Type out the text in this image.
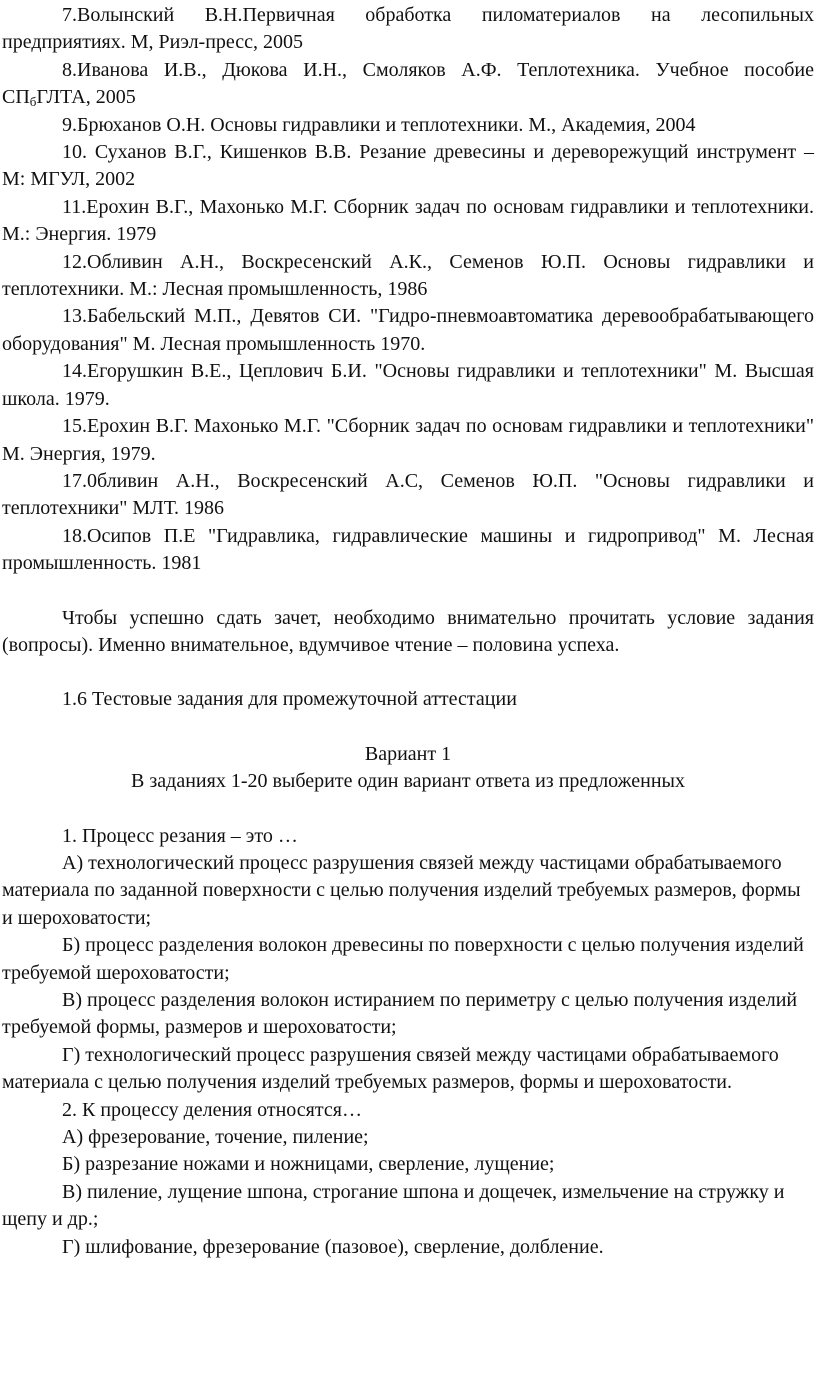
7.Волынский В.Н.Первичная обработка пиломатериалов на лесопильных предприятиях. М, Риэл-пресс, 2005

8.Иванова И.В., Дюкова И.Н., Смоляков А.Ф. Теплотехника. Учебное пособие $СП_бГЛТА$, 2005

9.Брюханов О.Н. Основы гидравлики и теплотехники. М., Академия, 2004

10. Суханов В.Г., Кишенков В.В. Резание древесины и дереворежущий инструмент – М: МГУЛ, 2002

11.Ерохин В.Г., Махонько М.Г. Сборник задач по основам гидравлики и теплотехники. М.: Энергия. 1979

12.Обливин А.Н., Воскресенский А.К., Семенов Ю.П. Основы гидравлики и теплотехники. М.: Лесная промышленность, 1986

13.Бабельский М.П., Девятов СИ. "Гидро-пневмоавтоматика деревообрабатывающего оборудования" М. Лесная промышленность 1970.

14.Егорушкин В.Е., Цеплович Б.И. "Основы гидравлики и теплотехники" М. Высшая школа. 1979.

15.Ерохин В.Г. Махонько М.Г. "Сборник задач по основам гидравлики и теплотехники" М. Энергия, 1979.

17.0бливин А.Н., Воскресенский А.С, Семенов Ю.П. "Основы гидравлики и теплотехники" МЛТ. 1986

18.Осипов П.Е "Гидравлика, гидравлические машины и гидропривод" М. Лесная промышленность. 1981

Чтобы успешно сдать зачет, необходимо внимательно прочитать условие задания (вопросы). Именно внимательное, вдумчивое чтение – половина успеха.

1.6 Тестовые задания для промежуточной аттестации

Вариант 1

В заданиях 1-20 выберите один вариант ответа из предложенных

1. Процесс резания – это …

А) технологический процесс разрушения связей между частицами обрабатываемого материала по заданной поверхности с целью получения изделий требуемых размеров, формы и шероховатости;

Б) процесс разделения волокон древесины по поверхности с целью получения изделий требуемой шероховатости;

В) процесс разделения волокон истиранием по периметру с целью получения изделий требуемой формы, размеров и шероховатости;

Г) технологический процесс разрушения связей между частицами обрабатываемого материала с целью получения изделий требуемых размеров, формы и шероховатости.

2. К процессу деления относятся…

А) фрезерование, точение, пиление;

Б) разрезание ножами и ножницами, сверление, лущение;

В) пиление, лущение шпона, строгание шпона и дощечек, измельчение на стружку и щепу и др.;

Г) шлифование, фрезерование (пазовое), сверление, долбление.
